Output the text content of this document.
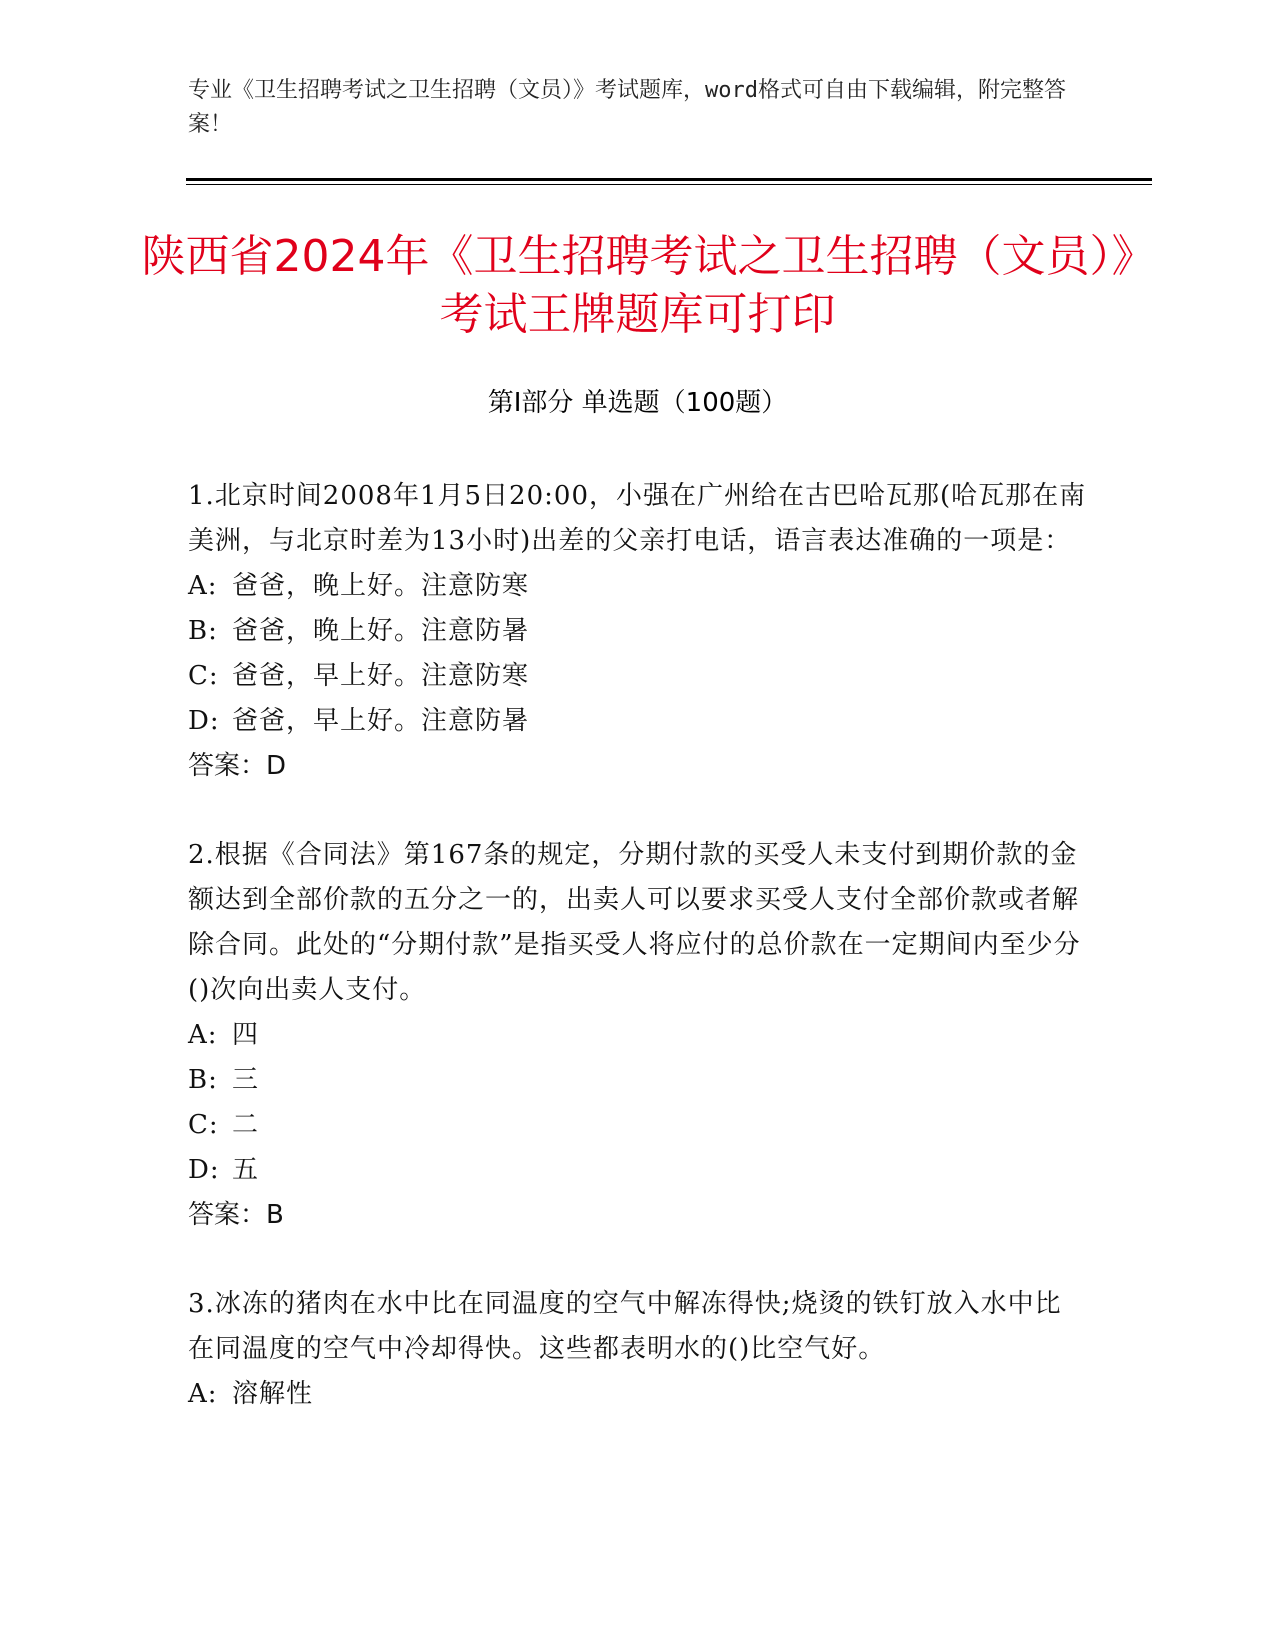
专业《卫生招聘考试之卫生招聘（文员）》考试题库，word格式可自由下载编辑，附完整答案！
陕西省2024年《卫生招聘考试之卫生招聘（文员）》考试王牌题库可打印
第I部分 单选题（100题）
1.北京时间2008年1月5日20:00，小强在广州给在古巴哈瓦那(哈瓦那在南美洲，与北京时差为13小时)出差的父亲打电话，语言表达准确的一项是：
A: 爸爸，晚上好。注意防寒
B: 爸爸，晚上好。注意防暑
C: 爸爸，早上好。注意防寒
D: 爸爸，早上好。注意防暑
答案：D
2.根据《合同法》第167条的规定，分期付款的买受人未支付到期价款的金额达到全部价款的五分之一的，出卖人可以要求买受人支付全部价款或者解除合同。此处的“分期付款”是指买受人将应付的总价款在一定期间内至少分()次向出卖人支付。
A: 四
B: 三
C: 二
D: 五
答案：B
3.冰冻的猪肉在水中比在同温度的空气中解冻得快;烧烫的铁钉放入水中比在同温度的空气中冷却得快。这些都表明水的()比空气好。
A: 溶解性
